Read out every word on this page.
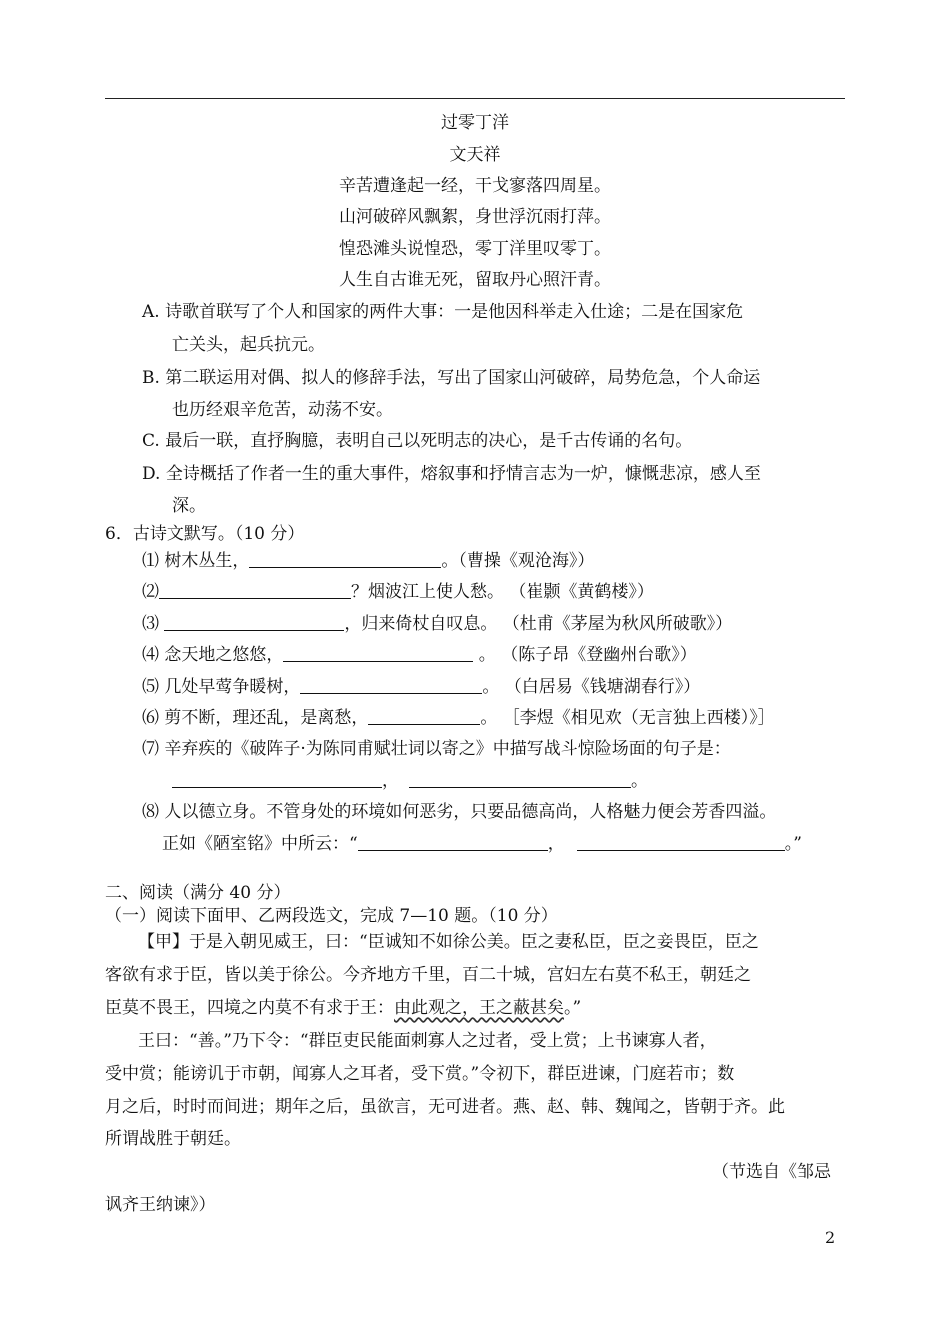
过零丁洋
文天祥
辛苦遭逢起一经，干戈寥落四周星。
山河破碎风飘絮，身世浮沉雨打萍。
惶恐滩头说惶恐，零丁洋里叹零丁。
人生自古谁无死，留取丹心照汗青。
A. 诗歌首联写了个人和国家的两件大事：一是他因科举走入仕途；二是在国家危
亡关头，起兵抗元。
B. 第二联运用对偶、拟人的修辞手法，写出了国家山河破碎，局势危急，个人命运
也历经艰辛危苦，动荡不安。
C. 最后一联，直抒胸臆，表明自己以死明志的决心，是千古传诵的名句。
D. 全诗概括了作者一生的重大事件，熔叙事和抒情言志为一炉，慷慨悲凉，感人至
深。
6．古诗文默写。（10 分）
⑴ 树木丛生，	。（曹操《观沧海》）
⑵	？烟波江上使人愁。 （崔颢《黄鹤楼》）
⑶	，归来倚杖自叹息。 （杜甫《茅屋为秋风所破歌》）
⑷ 念天地之悠悠，	。 （陈子昂《登幽州台歌》）
⑸ 几处早莺争暖树，	。 （白居易《钱塘湖春行》）
⑹ 剪不断，理还乱，是离愁，	。 ［李煜《相见欢（无言独上西楼）》］
⑺ 辛弃疾的《破阵子·为陈同甫赋壮词以寄之》中描写战斗惊险场面的句子是：
，	。
⑻ 人以德立身。不管身处的环境如何恶劣，只要品德高尚，人格魅力便会芳香四溢。
正如《陋室铭》中所云：“	，	。”
二、阅读（满分 40 分）
（一）阅读下面甲、乙两段选文，完成 7—10 题。（10 分）
【甲】于是入朝见威王，曰：“臣诚知不如徐公美。臣之妻私臣，臣之妾畏臣，臣之
客欲有求于臣，皆以美于徐公。今齐地方千里，百二十城，宫妇左右莫不私王，朝廷之
臣莫不畏王，四境之内莫不有求于王：由此观之，王之蔽甚矣。”
王曰：“善。”乃下令：“群臣吏民能面刺寡人之过者，受上赏；上书谏寡人者，
受中赏；能谤讥于市朝，闻寡人之耳者，受下赏。”令初下，群臣进谏，门庭若市；数
月之后，时时而间进；期年之后，虽欲言，无可进者。燕、赵、韩、魏闻之，皆朝于齐。此
所谓战胜于朝廷。
（节选自《邹忌
讽齐王纳谏》）
2
